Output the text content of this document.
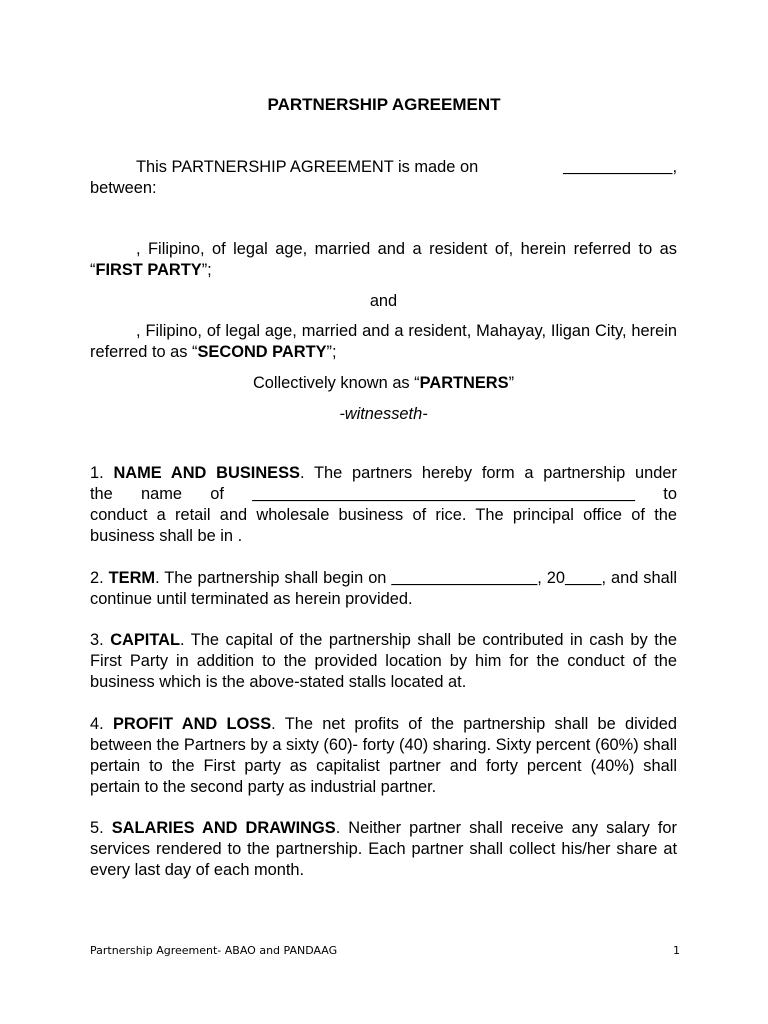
PARTNERSHIP AGREEMENT
This PARTNERSHIP AGREEMENT is made on	____________,
between:
, Filipino, of legal age, married and a resident of, herein referred to as “FIRST PARTY”;
and
, Filipino, of legal age, married and a resident, Mahayay, Iligan City, herein referred to as “SECOND PARTY”;
Collectively known as “PARTNERS”
-witnesseth-
1. NAME AND BUSINESS. The partners hereby form a partnership under
the name of __________________________________________ to
conduct a retail and wholesale business of rice. The principal office of the business shall be in .
2. TERM. The partnership shall begin on ________________, 20____, and shall continue until terminated as herein provided.
3. CAPITAL. The capital of the partnership shall be contributed in cash by the First Party in addition to the provided location by him for the conduct of the business which is the above-stated stalls located at.
4. PROFIT AND LOSS. The net profits of the partnership shall be divided between the Partners by a sixty (60)- forty (40) sharing. Sixty percent (60%) shall pertain to the First party as capitalist partner and forty percent (40%) shall pertain to the second party as industrial partner.
5. SALARIES AND DRAWINGS. Neither partner shall receive any salary for services rendered to the partnership. Each partner shall collect his/her share at every last day of each month.
Partnership Agreement- ABAO and PANDAAG	1
